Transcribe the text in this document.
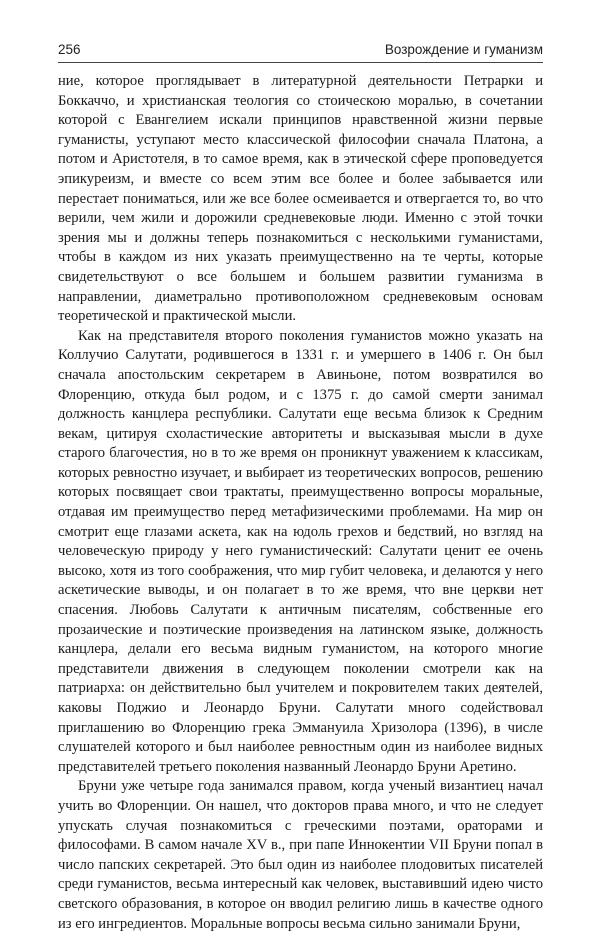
256	Возрождение и гуманизм

ние, которое проглядывает в литературной деятельности Петрарки и Боккаччо, и христианская теология со стоическою моралью, в сочетании которой с Евангелием искали принципов нравственной жизни первые гуманисты, уступают место классической философии сначала Платона, а потом и Аристотеля, в то самое время, как в этической сфере проповедуется эпикуреизм, и вместе со всем этим все более и более забывается или перестает пониматься, или же все более осмеивается и отвергается то, во что верили, чем жили и дорожили средневековые люди. Именно с этой точки зрения мы и должны теперь познакомиться с несколькими гуманистами, чтобы в каждом из них указать преимущественно на те черты, которые свидетельствуют о все большем и большем развитии гуманизма в направлении, диаметрально противоположном средневековым основам теоретической и практической мысли.

Как на представителя второго поколения гуманистов можно указать на Коллучио Салутати, родившегося в 1331 г. и умершего в 1406 г. Он был сначала апостольским секретарем в Авиньоне, потом возвратился во Флоренцию, откуда был родом, и с 1375 г. до самой смерти занимал должность канцлера республики. Салутати еще весьма близок к Средним векам, цитируя схоластические авторитеты и высказывая мысли в духе старого благочестия, но в то же время он проникнут уважением к классикам, которых ревностно изучает, и выбирает из теоретических вопросов, решению которых посвящает свои трактаты, преимущественно вопросы моральные, отдавая им преимущество перед метафизическими проблемами. На мир он смотрит еще глазами аскета, как на юдоль грехов и бедствий, но взгляд на человеческую природу у него гуманистический: Салутати ценит ее очень высоко, хотя из того соображения, что мир губит человека, и делаются у него аскетические выводы, и он полагает в то же время, что вне церкви нет спасения. Любовь Салутати к античным писателям, собственные его прозаические и поэтические произведения на латинском языке, должность канцлера, делали его весьма видным гуманистом, на которого многие представители движения в следующем поколении смотрели как на патриарха: он действительно был учителем и покровителем таких деятелей, каковы Поджио и Леонардо Бруни. Салутати много содействовал приглашению во Флоренцию грека Эммануила Хризолора (1396), в числе слушателей которого и был наиболее ревностным один из наиболее видных представителей третьего поколения названный Леонардо Бруни Аретино.

Бруни уже четыре года занимался правом, когда ученый византиец начал учить во Флоренции. Он нашел, что докторов права много, и что не следует упускать случая познакомиться с греческими поэтами, ораторами и философами. В самом начале XV в., при папе Иннокентии VII Бруни попал в число папских секретарей. Это был один из наиболее плодовитых писателей среди гуманистов, весьма интересный как человек, выставивший идею чисто светского образования, в которое он вводил религию лишь в качестве одного из его ингредиентов. Моральные вопросы весьма сильно занимали Бруни,
